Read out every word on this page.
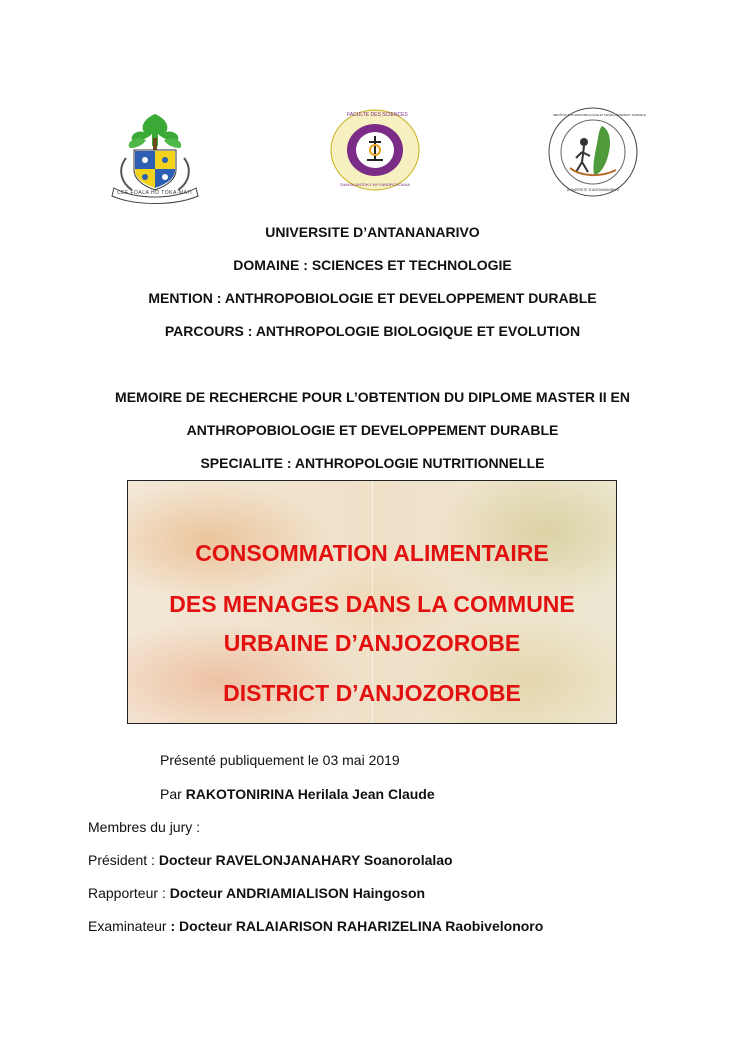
CEF FOALA HO TOKA-MAIT
FACULTE DES SCIENCES
SIANSA ANTOKY NY FANDROSOANA
MENTION ANTHROPOBIOLOGIE ET DEVELOPPEMENT DURABLE
UNIVERSITE D'ANTANANARIVO
UNIVERSITE D’ANTANANARIVO
DOMAINE : SCIENCES ET TECHNOLOGIE
MENTION : ANTHROPOBIOLOGIE ET DEVELOPPEMENT DURABLE
PARCOURS : ANTHROPOLOGIE BIOLOGIQUE ET EVOLUTION
MEMOIRE DE RECHERCHE POUR L’OBTENTION DU DIPLOME MASTER II EN
ANTHROPOBIOLOGIE ET DEVELOPPEMENT DURABLE
SPECIALITE : ANTHROPOLOGIE NUTRITIONNELLE
CONSOMMATION ALIMENTAIRE
DES MENAGES DANS LA COMMUNE
URBAINE D’ANJOZOROBE
DISTRICT D’ANJOZOROBE
Présenté publiquement le 03 mai 2019
Par RAKOTONIRINA Herilala Jean Claude
Membres du jury :
Président : Docteur RAVELONJANAHARY Soanorolalao
Rapporteur : Docteur ANDRIAMIALISON Haingoson
Examinateur : Docteur RALAIARISON RAHARIZELINA Raobivelonoro
